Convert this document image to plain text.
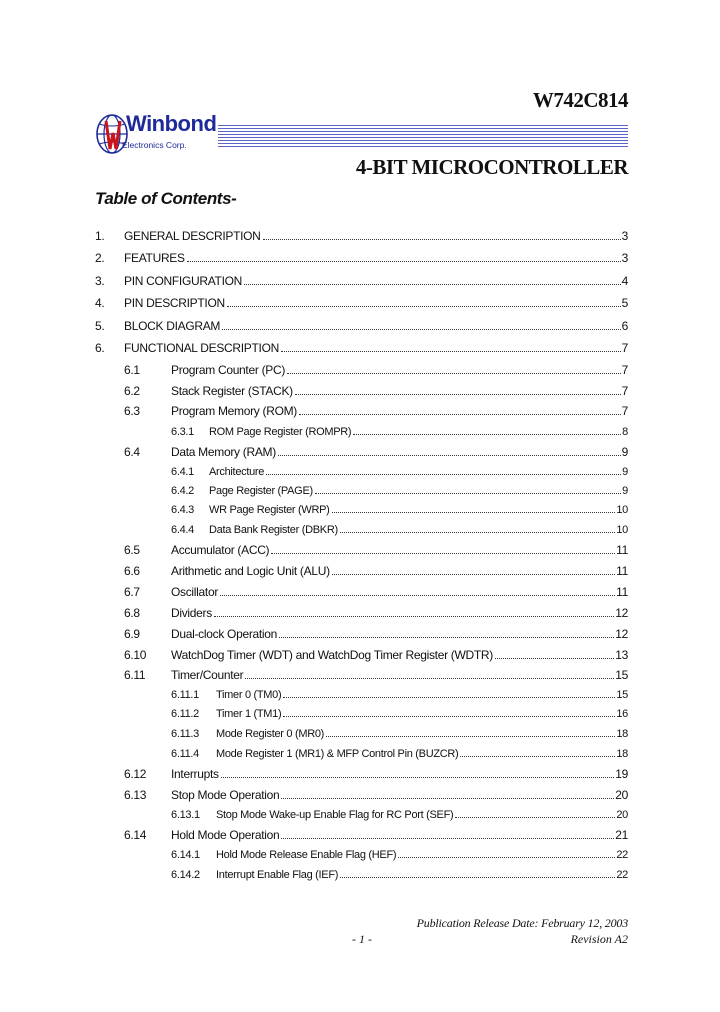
W742C814
Winbond
Electronics Corp.
4-BIT MICROCONTROLLER
Table of Contents-
1. GENERAL DESCRIPTION	3
2. FEATURES	3
3. PIN CONFIGURATION	4
4. PIN DESCRIPTION	5
5. BLOCK DIAGRAM	6
6. FUNCTIONAL DESCRIPTION	7
6.1	Program Counter (PC)	7
6.2	Stack Register (STACK)	7
6.3	Program Memory (ROM)	7
6.3.1 ROM Page Register (ROMPR)	8
6.4	Data Memory (RAM)	9
6.4.1 Architecture	9
6.4.2 Page Register (PAGE)	9
6.4.3 WR Page Register (WRP)	10
6.4.4 Data Bank Register (DBKR)	10
6.5	Accumulator (ACC)	11
6.6	Arithmetic and Logic Unit (ALU)	11
6.7	Oscillator	11
6.8	Dividers	12
6.9	Dual-clock Operation	12
6.10 WatchDog Timer (WDT) and WatchDog Timer Register (WDTR)	13
6.11 Timer/Counter	15
6.11.1 Timer 0 (TM0)	15
6.11.2 Timer 1 (TM1)	16
6.11.3 Mode Register 0 (MR0)	18
6.11.4 Mode Register 1 (MR1) & MFP Control Pin (BUZCR)	18
6.12 Interrupts	19
6.13 Stop Mode Operation	20
6.13.1 Stop Mode Wake-up Enable Flag for RC Port (SEF)	20
6.14 Hold Mode Operation	21
6.14.1 Hold Mode Release Enable Flag (HEF)	22
6.14.2 Interrupt Enable Flag (IEF)	22
Publication Release Date: February 12, 2003
- 1 -	Revision A2
